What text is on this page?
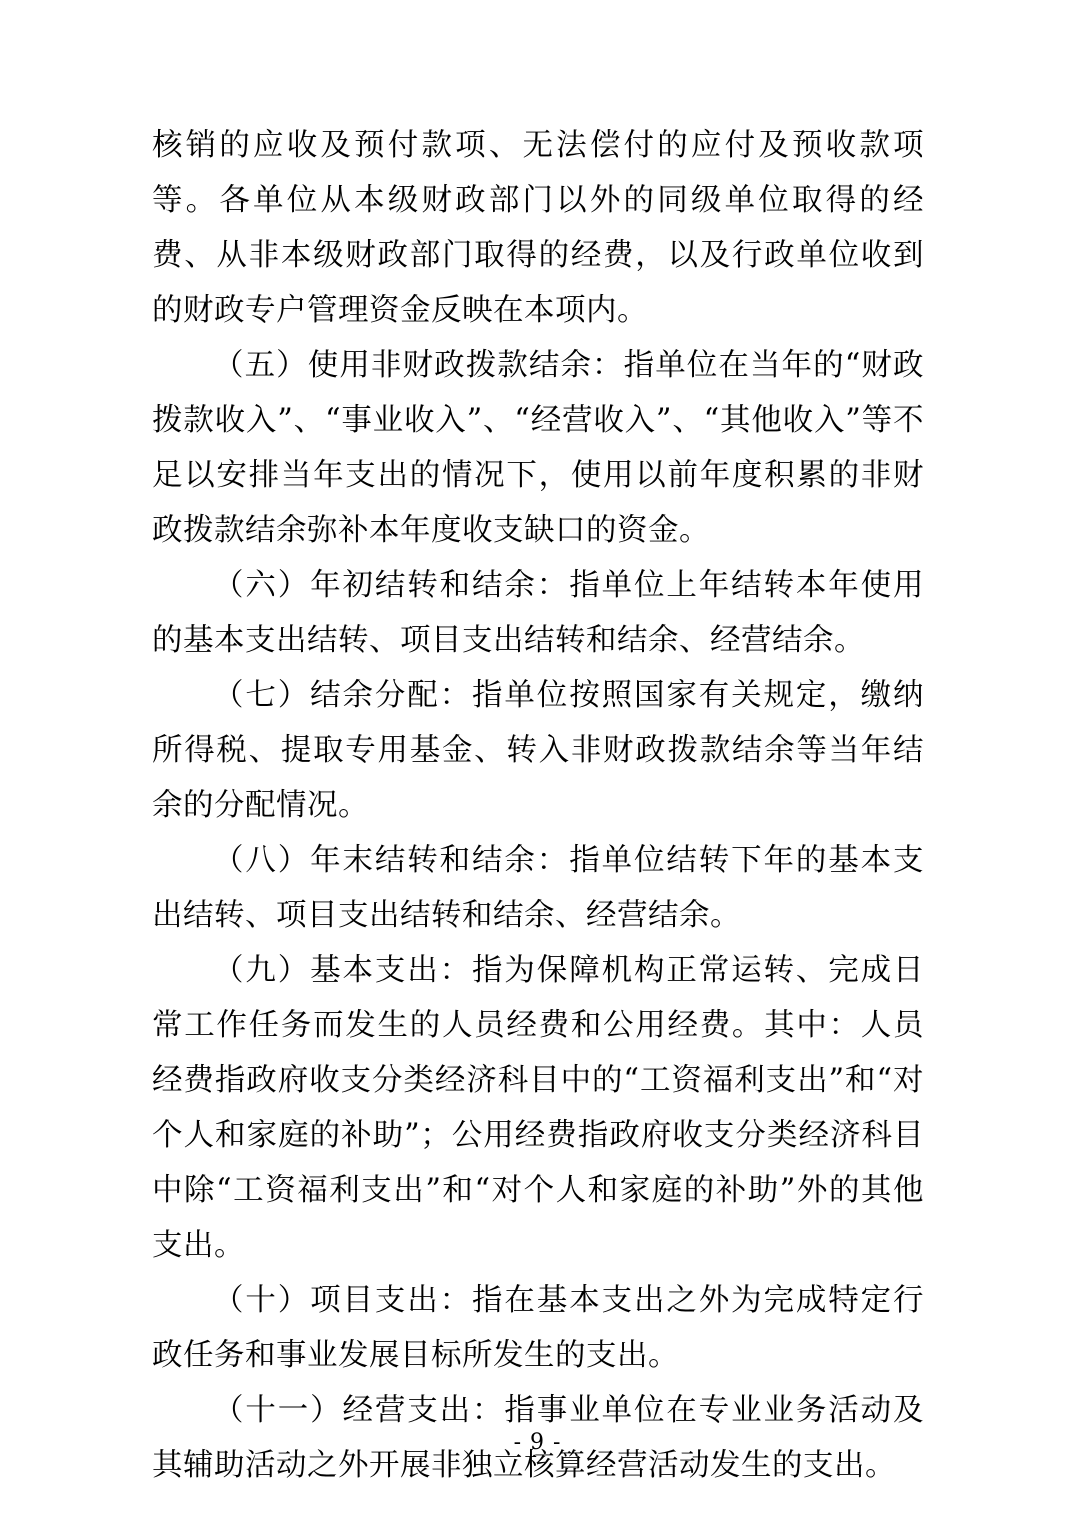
核销的应收及预付款项、无法偿付的应付及预收款项等。各单位从本级财政部门以外的同级单位取得的经费、从非本级财政部门取得的经费，以及行政单位收到的财政专户管理资金反映在本项内。

（五）使用非财政拨款结余：指单位在当年的“财政拨款收入”、“事业收入”、“经营收入”、“其他收入”等不足以安排当年支出的情况下，使用以前年度积累的非财政拨款结余弥补本年度收支缺口的资金。

（六）年初结转和结余：指单位上年结转本年使用的基本支出结转、项目支出结转和结余、经营结余。

（七）结余分配：指单位按照国家有关规定，缴纳所得税、提取专用基金、转入非财政拨款结余等当年结余的分配情况。

（八）年末结转和结余：指单位结转下年的基本支出结转、项目支出结转和结余、经营结余。

（九）基本支出：指为保障机构正常运转、完成日常工作任务而发生的人员经费和公用经费。其中：人员经费指政府收支分类经济科目中的“工资福利支出”和“对个人和家庭的补助”；公用经费指政府收支分类经济科目中除“工资福利支出”和“对个人和家庭的补助”外的其他支出。

（十）项目支出：指在基本支出之外为完成特定行政任务和事业发展目标所发生的支出。

（十一）经营支出：指事业单位在专业业务活动及其辅助活动之外开展非独立核算经营活动发生的支出。

- 9 -
